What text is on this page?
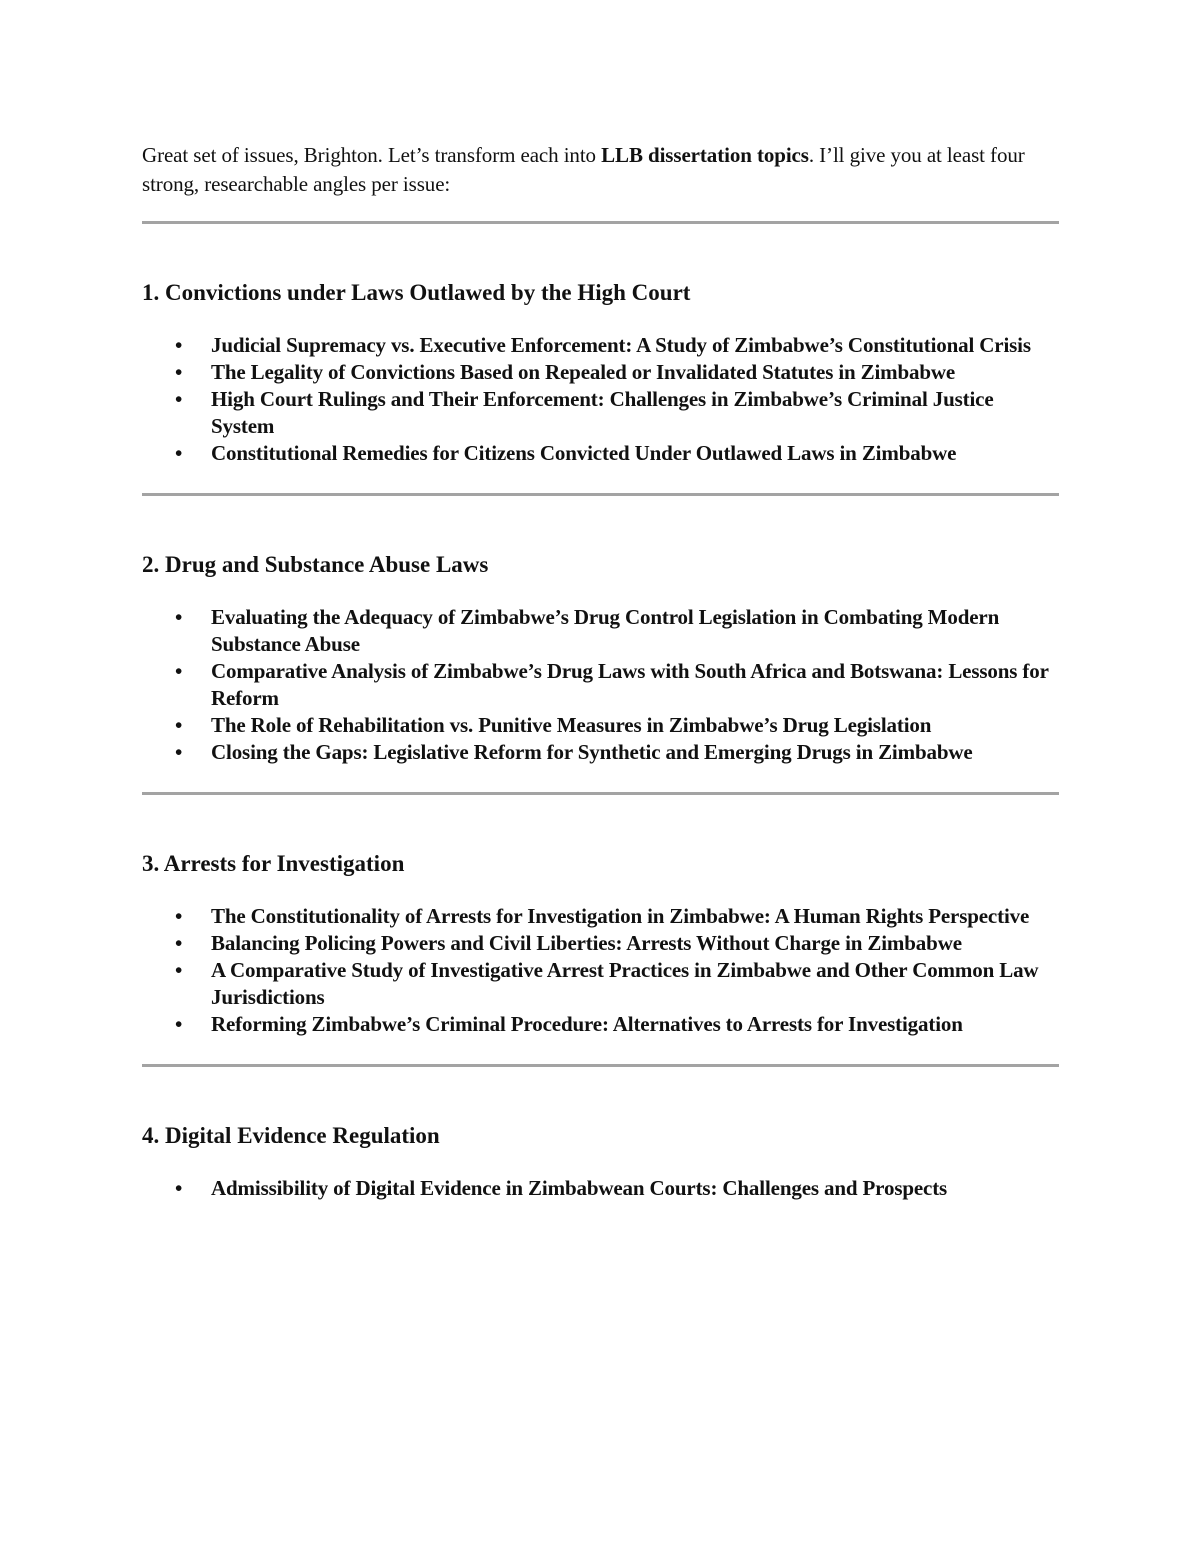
Great set of issues, Brighton. Let’s transform each into LLB dissertation topics. I’ll give you at least four strong, researchable angles per issue:

1. Convictions under Laws Outlawed by the High Court
• Judicial Supremacy vs. Executive Enforcement: A Study of Zimbabwe’s Constitutional Crisis
• The Legality of Convictions Based on Repealed or Invalidated Statutes in Zimbabwe
• High Court Rulings and Their Enforcement: Challenges in Zimbabwe’s Criminal Justice System
• Constitutional Remedies for Citizens Convicted Under Outlawed Laws in Zimbabwe
2. Drug and Substance Abuse Laws
• Evaluating the Adequacy of Zimbabwe’s Drug Control Legislation in Combating Modern Substance Abuse
• Comparative Analysis of Zimbabwe’s Drug Laws with South Africa and Botswana: Lessons for Reform
• The Role of Rehabilitation vs. Punitive Measures in Zimbabwe’s Drug Legislation
• Closing the Gaps: Legislative Reform for Synthetic and Emerging Drugs in Zimbabwe
3. Arrests for Investigation
• The Constitutionality of Arrests for Investigation in Zimbabwe: A Human Rights Perspective
• Balancing Policing Powers and Civil Liberties: Arrests Without Charge in Zimbabwe
• A Comparative Study of Investigative Arrest Practices in Zimbabwe and Other Common Law Jurisdictions
• Reforming Zimbabwe’s Criminal Procedure: Alternatives to Arrests for Investigation
4. Digital Evidence Regulation
• Admissibility of Digital Evidence in Zimbabwean Courts: Challenges and Prospects
